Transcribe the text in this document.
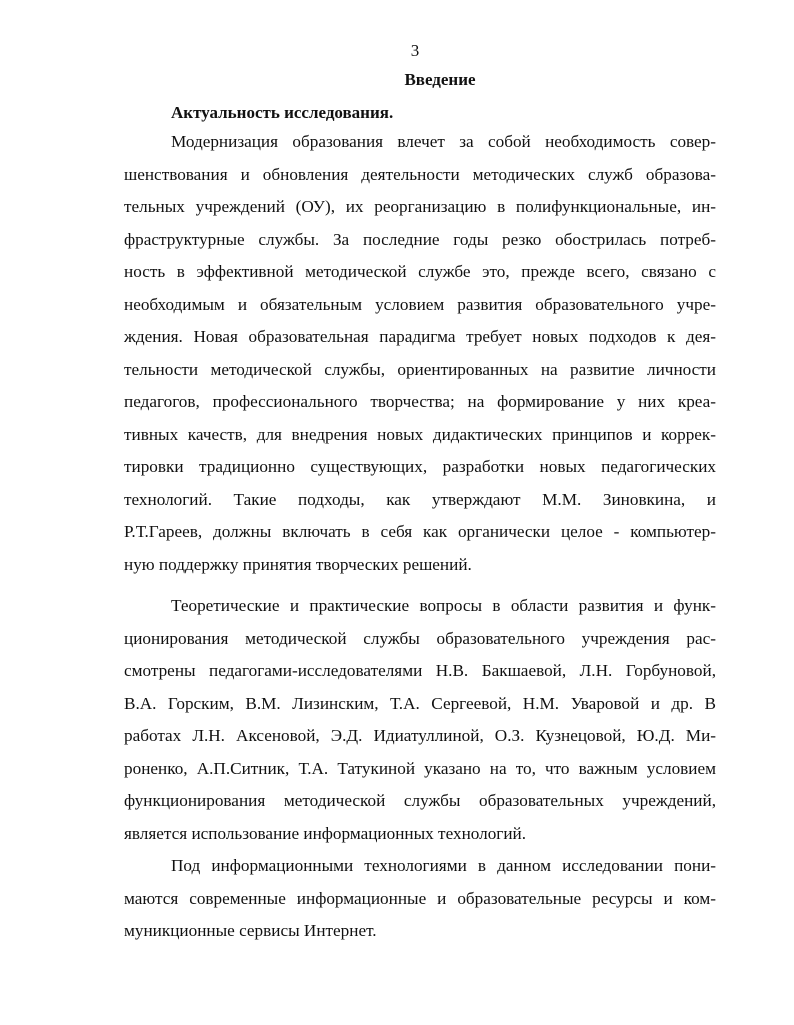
3
Введение
Актуальность исследования.
Модернизация образования влечет за собой необходимость совер-
шенствования и обновления деятельности методических служб образова-
тельных учреждений (ОУ), их реорганизацию в полифункциональные, ин-
фраструктурные службы. За последние годы резко обострилась потреб-
ность в эффективной методической службе это, прежде всего, связано с
необходимым и обязательным условием развития образовательного учре-
ждения. Новая образовательная парадигма требует новых подходов к дея-
тельности методической службы, ориентированных на развитие личности
педагогов, профессионального творчества; на формирование у них креа-
тивных качеств, для внедрения новых дидактических принципов и коррек-
тировки традиционно существующих, разработки новых педагогических
технологий. Такие подходы, как утверждают М.М. Зиновкина, и
Р.Т.Гареев, должны включать в себя как органически целое - компьютер-
ную поддержку принятия творческих решений.
Теоретические и практические вопросы в области развития и функ-
ционирования методической службы образовательного учреждения рас-
смотрены педагогами-исследователями Н.В. Бакшаевой, Л.Н. Горбуновой,
В.А. Горским, В.М. Лизинским, Т.А. Сергеевой, Н.М. Уваровой и др. В
работах Л.Н. Аксеновой, Э.Д. Идиатуллиной, О.З. Кузнецовой, Ю.Д. Ми-
роненко, А.П.Ситник, Т.А. Татукиной указано на то, что важным условием
функционирования методической службы образовательных учреждений,
является использование информационных технологий.
Под информационными технологиями в данном исследовании пони-
маются современные информационные и образовательные ресурсы и ком-
муникционные сервисы Интернет.
